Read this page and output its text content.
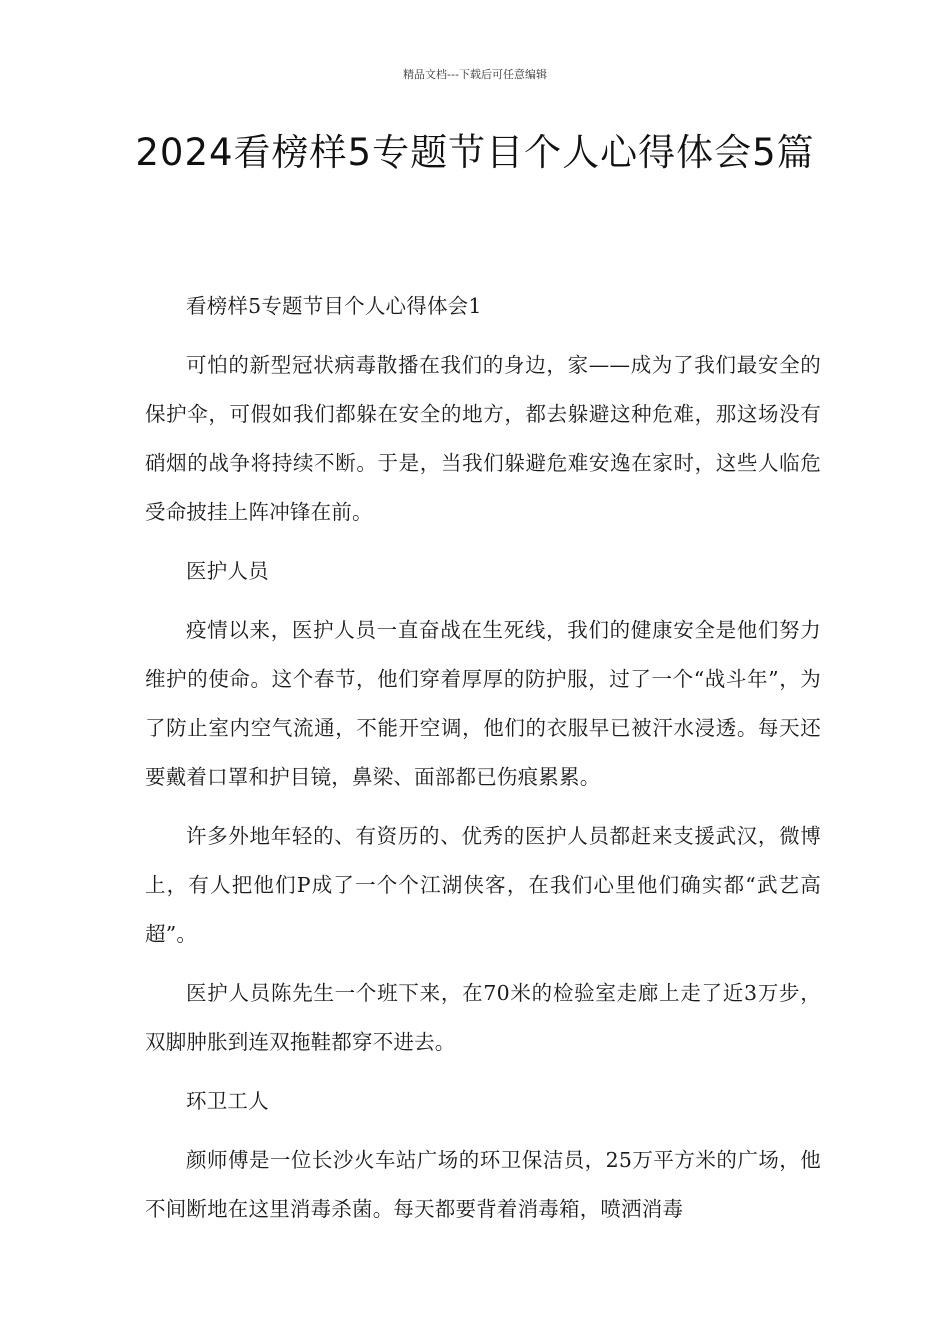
精品文档---下载后可任意编辑
2024看榜样5专题节目个人心得体会5篇

看榜样5专题节目个人心得体会1

可怕的新型冠状病毒散播在我们的身边，家——成为了我们最安全的保护伞，可假如我们都躲在安全的地方，都去躲避这种危难，那这场没有硝烟的战争将持续不断。于是，当我们躲避危难安逸在家时，这些人临危受命披挂上阵冲锋在前。

医护人员

疫情以来，医护人员一直奋战在生死线，我们的健康安全是他们努力维护的使命。这个春节，他们穿着厚厚的防护服，过了一个“战斗年”，为了防止室内空气流通，不能开空调，他们的衣服早已被汗水浸透。每天还要戴着口罩和护目镜，鼻梁、面部都已伤痕累累。

许多外地年轻的、有资历的、优秀的医护人员都赶来支援武汉，微博上，有人把他们P成了一个个江湖侠客，在我们心里他们确实都“武艺高超”。

医护人员陈先生一个班下来，在70米的检验室走廊上走了近3万步，双脚肿胀到连双拖鞋都穿不进去。

环卫工人

颜师傅是一位长沙火车站广场的环卫保洁员，25万平方米的广场，他不间断地在这里消毒杀菌。每天都要背着消毒箱，喷洒消毒
